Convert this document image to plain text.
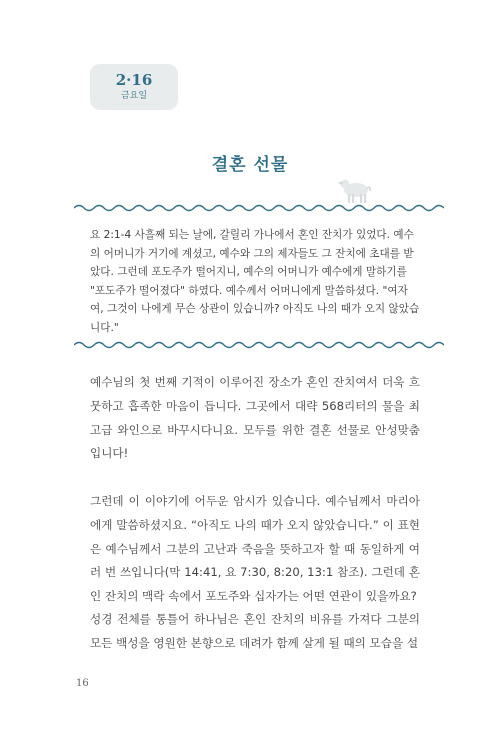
2·16
금요일
결혼 선물

요 2:1-4 사흘째 되는 날에, 갈릴리 가나에서 혼인 잔치가 있었다. 예수의 어머니가 거기에 계셨고, 예수와 그의 제자들도 그 잔치에 초대를 받았다. 그런데 포도주가 떨어지니, 예수의 어머니가 예수에게 말하기를 "포도주가 떨어졌다" 하였다. 예수께서 어머니에게 말씀하셨다. "여자여, 그것이 나에게 무슨 상관이 있습니까? 아직도 나의 때가 오지 않았습니다."

예수님의 첫 번째 기적이 이루어진 장소가 혼인 잔치여서 더욱 흐뭇하고 흡족한 마음이 듭니다. 그곳에서 대략 568리터의 물을 최고급 와인으로 바꾸시다니요. 모두를 위한 결혼 선물로 안성맞춤입니다!

그런데 이 이야기에 어두운 암시가 있습니다. 예수님께서 마리아에게 말씀하셨지요. “아직도 나의 때가 오지 않았습니다.” 이 표현은 예수님께서 그분의 고난과 죽음을 뜻하고자 할 때 동일하게 여러 번 쓰입니다(막 14:41, 요 7:30, 8:20, 13:1 참조). 그런데 혼인 잔치의 맥락 속에서 포도주와 십자가는 어떤 연관이 있을까요?

성경 전체를 통틀어 하나님은 혼인 잔치의 비유를 가져다 그분의 모든 백성을 영원한 본향으로 데려가 함께 살게 될 때의 모습을 설

16
